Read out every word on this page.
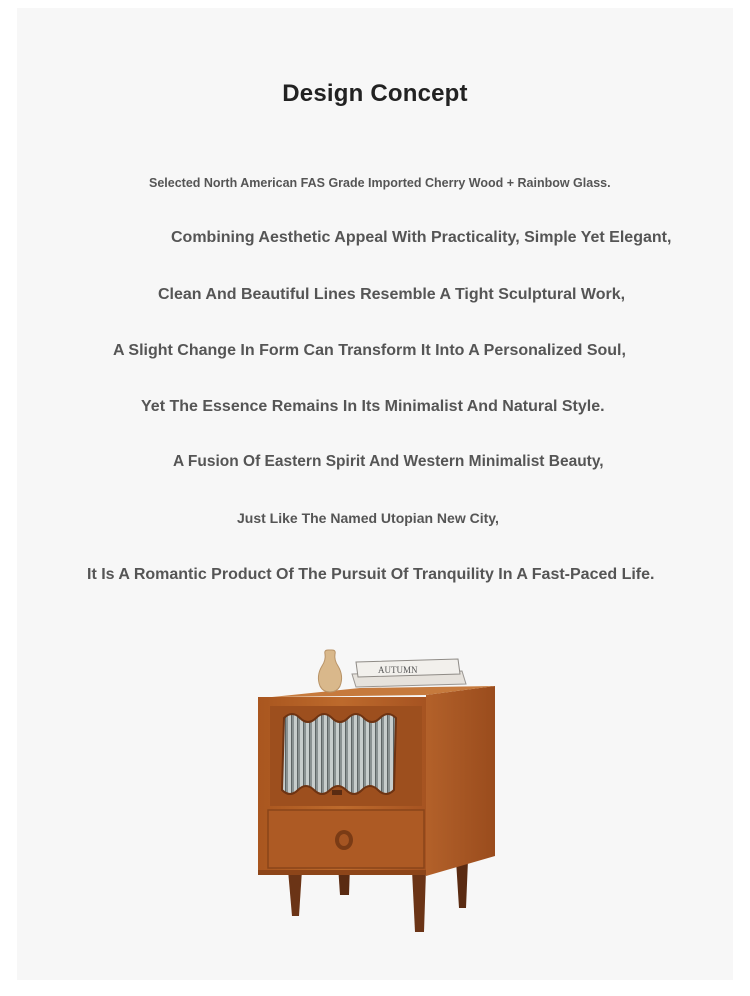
Design Concept
Selected North American FAS Grade Imported Cherry Wood + Rainbow Glass.
Combining Aesthetic Appeal With Practicality, Simple Yet Elegant,
Clean And Beautiful Lines Resemble A Tight Sculptural Work,
A Slight Change In Form Can Transform It Into A Personalized Soul,
Yet The Essence Remains In Its Minimalist And Natural Style.
A Fusion Of Eastern Spirit And Western Minimalist Beauty,
Just Like The Named Utopian New City,
It Is A Romantic Product Of The Pursuit Of Tranquility In A Fast-Paced Life.
AUTUMN
